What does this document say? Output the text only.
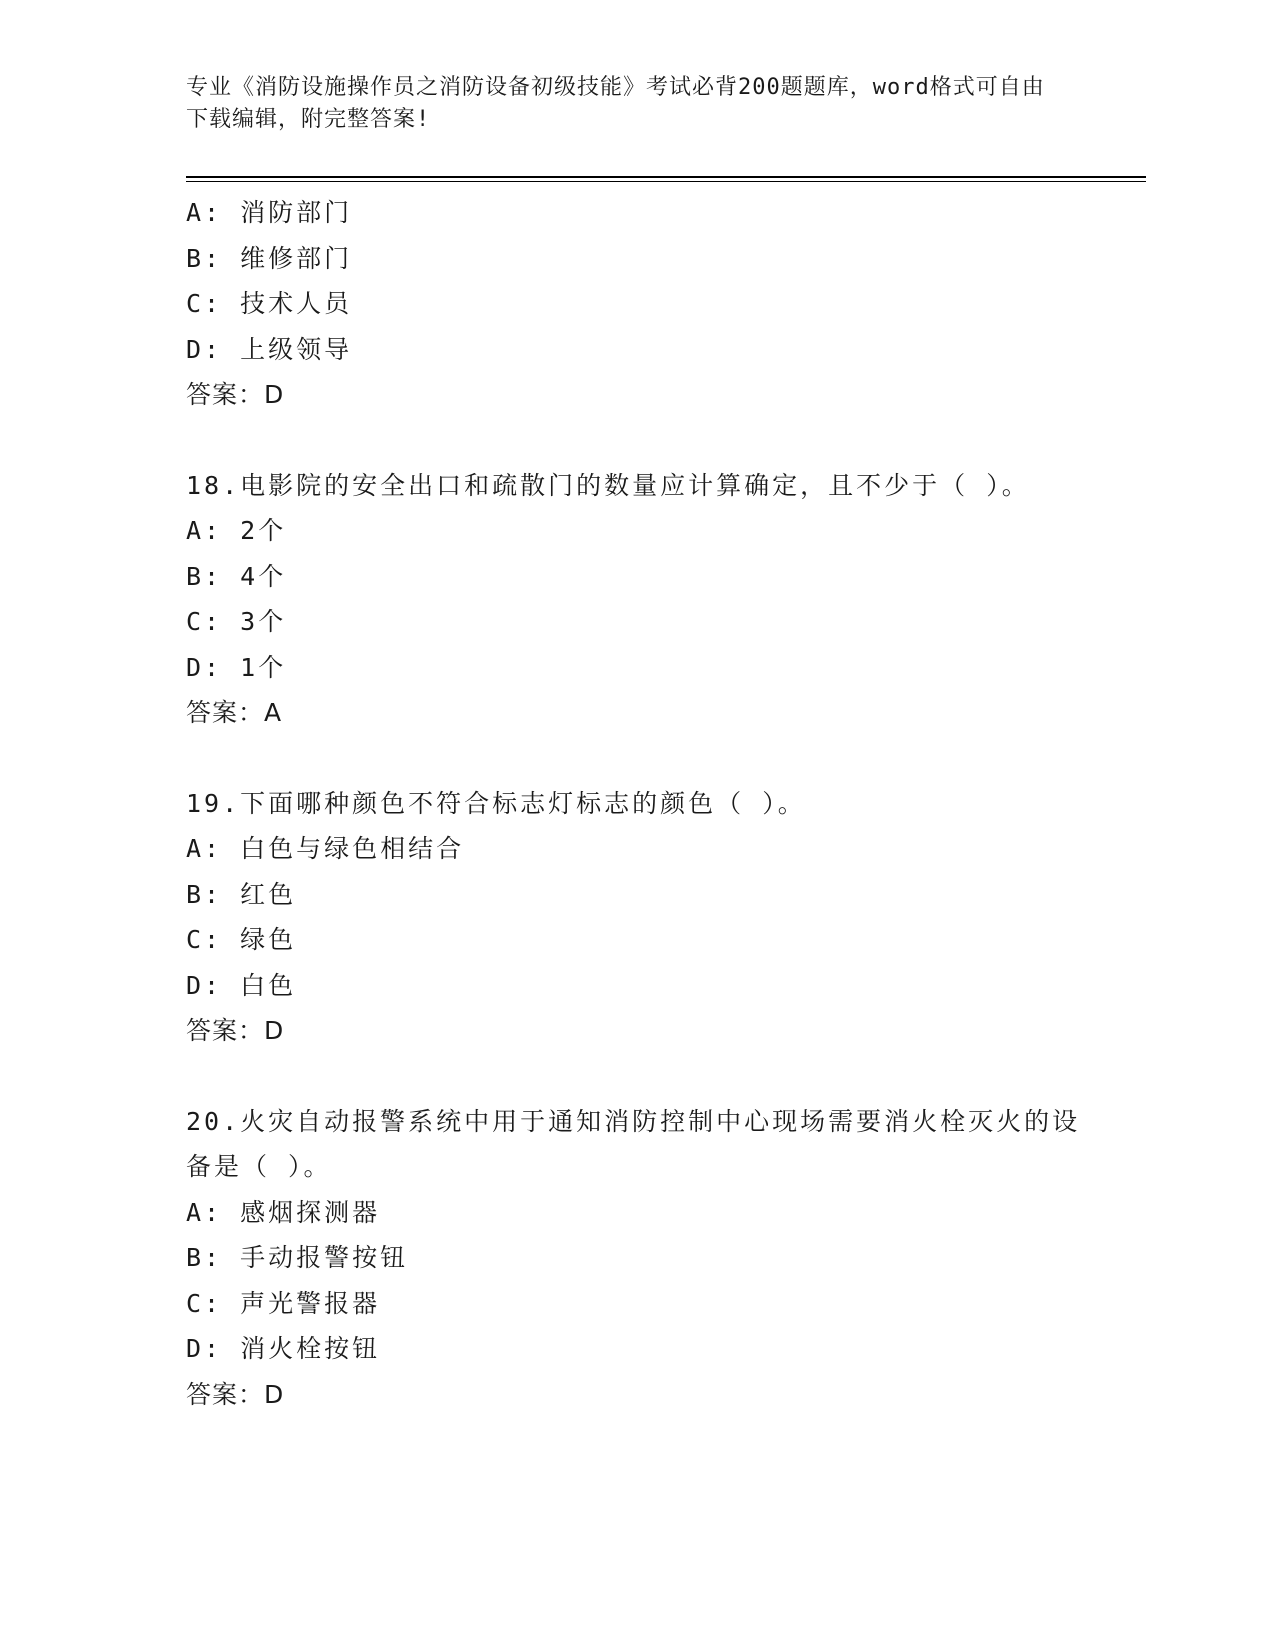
专业《消防设施操作员之消防设备初级技能》考试必背200题题库，word格式可自由下载编辑，附完整答案!
A: 消防部门
B: 维修部门
C: 技术人员
D: 上级领导
答案：D
18.电影院的安全出口和疏散门的数量应计算确定，且不少于（ ）。
A: 2个
B: 4个
C: 3个
D: 1个
答案：A
19.下面哪种颜色不符合标志灯标志的颜色（ ）。
A: 白色与绿色相结合
B: 红色
C: 绿色
D: 白色
答案：D
20.火灾自动报警系统中用于通知消防控制中心现场需要消火栓灭火的设备是（ ）。
A: 感烟探测器
B: 手动报警按钮
C: 声光警报器
D: 消火栓按钮
答案：D
